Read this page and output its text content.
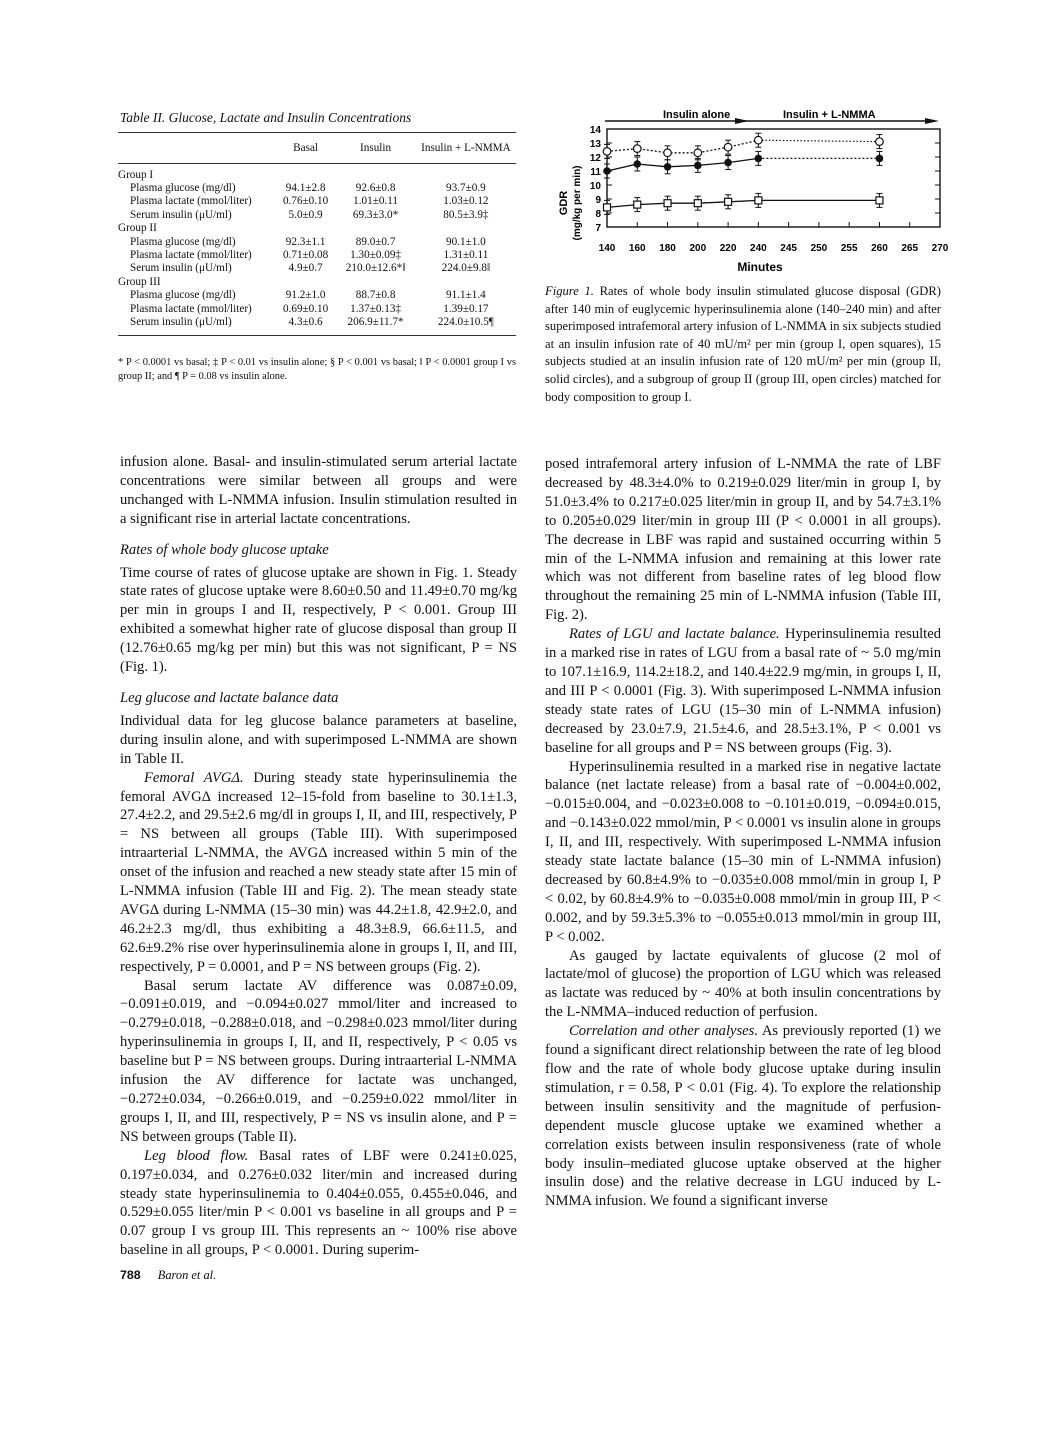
Table II. Glucose, Lactate and Insulin Concentrations
	Basal	Insulin	Insulin + L-NMMA
Group I			
Plasma glucose (mg/dl)	94.1±2.8	92.6±0.8	93.7±0.9
Plasma lactate (mmol/liter)	0.76±0.10	1.01±0.11	1.03±0.12
Serum insulin (μU/ml)	5.0±0.9	69.3±3.0*	80.5±3.9‡
Group II			
Plasma glucose (mg/dl)	92.3±1.1	89.0±0.7	90.1±1.0
Plasma lactate (mmol/liter)	0.71±0.08	1.30±0.09‡	1.31±0.11
Serum insulin (μU/ml)	4.9±0.7	210.0±12.6*‖	224.0±9.8‖
Group III			
Plasma glucose (mg/dl)	91.2±1.0	88.7±0.8	91.1±1.4
Plasma lactate (mmol/liter)	0.69±0.10	1.37±0.13‡	1.39±0.17
Serum insulin (μU/ml)	4.3±0.6	206.9±11.7*	224.0±10.5¶
* P < 0.0001 vs basal; ‡ P < 0.01 vs insulin alone; § P < 0.001 vs basal; ‖ P < 0.0001 group I vs group II; and ¶ P = 0.08 vs insulin alone.
Insulin alone	Insulin + L-NMMA
GDR (mg/kg per min) 7
8
9
10
11
12
13
14
140 160 180 200 220 240 245 250 255 260 265 270
Minutes
Figure 1. Rates of whole body insulin stimulated glucose disposal (GDR) after 140 min of euglycemic hyperinsulinemia alone (140–240 min) and after superimposed intrafemoral artery infusion of L-NMMA in six subjects studied at an insulin infusion rate of 40 mU/m² per min (group I, open squares), 15 subjects studied at an insulin infusion rate of 120 mU/m² per min (group II, solid circles), and a subgroup of group II (group III, open circles) matched for body composition to group I.

infusion alone. Basal- and insulin-stimulated serum arterial lactate concentrations were similar between all groups and were unchanged with L-NMMA infusion. Insulin stimulation resulted in a significant rise in arterial lactate concentrations.

Rates of whole body glucose uptake

Time course of rates of glucose uptake are shown in Fig. 1. Steady state rates of glucose uptake were 8.60±0.50 and 11.49±0.70 mg/kg per min in groups I and II, respectively, P < 0.001. Group III exhibited a somewhat higher rate of glucose disposal than group II (12.76±0.65 mg/kg per min) but this was not significant, P = NS (Fig. 1).

Leg glucose and lactate balance data

Individual data for leg glucose balance parameters at baseline, during insulin alone, and with superimposed L-NMMA are shown in Table II.

Femoral AVGΔ. During steady state hyperinsulinemia the femoral AVGΔ increased 12–15-fold from baseline to 30.1±1.3, 27.4±2.2, and 29.5±2.6 mg/dl in groups I, II, and III, respectively, P = NS between all groups (Table III). With superimposed intraarterial L-NMMA, the AVGΔ increased within 5 min of the onset of the infusion and reached a new steady state after 15 min of L-NMMA infusion (Table III and Fig. 2). The mean steady state AVGΔ during L-NMMA (15–30 min) was 44.2±1.8, 42.9±2.0, and 46.2±2.3 mg/dl, thus exhibiting a 48.3±8.9, 66.6±11.5, and 62.6±9.2% rise over hyperinsulinemia alone in groups I, II, and III, respectively, P = 0.0001, and P = NS between groups (Fig. 2).

Basal serum lactate AV difference was 0.087±0.09, −0.091±0.019, and −0.094±0.027 mmol/liter and increased to −0.279±0.018, −0.288±0.018, and −0.298±0.023 mmol/liter during hyperinsulinemia in groups I, II, and II, respectively, P < 0.05 vs baseline but P = NS between groups. During intraarterial L-NMMA infusion the AV difference for lactate was unchanged, −0.272±0.034, −0.266±0.019, and −0.259±0.022 mmol/liter in groups I, II, and III, respectively, P = NS vs insulin alone, and P = NS between groups (Table II).

Leg blood flow. Basal rates of LBF were 0.241±0.025, 0.197±0.034, and 0.276±0.032 liter/min and increased during steady state hyperinsulinemia to 0.404±0.055, 0.455±0.046, and 0.529±0.055 liter/min P < 0.001 vs baseline in all groups and P = 0.07 group I vs group III. This represents an ~ 100% rise above baseline in all groups, P < 0.0001. During superim-

posed intrafemoral artery infusion of L-NMMA the rate of LBF decreased by 48.3±4.0% to 0.219±0.029 liter/min in group I, by 51.0±3.4% to 0.217±0.025 liter/min in group II, and by 54.7±3.1% to 0.205±0.029 liter/min in group III (P < 0.0001 in all groups). The decrease in LBF was rapid and sustained occurring within 5 min of the L-NMMA infusion and remaining at this lower rate which was not different from baseline rates of leg blood flow throughout the remaining 25 min of L-NMMA infusion (Table III, Fig. 2).

Rates of LGU and lactate balance. Hyperinsulinemia resulted in a marked rise in rates of LGU from a basal rate of ~ 5.0 mg/min to 107.1±16.9, 114.2±18.2, and 140.4±22.9 mg/min, in groups I, II, and III P < 0.0001 (Fig. 3). With superimposed L-NMMA infusion steady state rates of LGU (15–30 min of L-NMMA infusion) decreased by 23.0±7.9, 21.5±4.6, and 28.5±3.1%, P < 0.001 vs baseline for all groups and P = NS between groups (Fig. 3).

Hyperinsulinemia resulted in a marked rise in negative lactate balance (net lactate release) from a basal rate of −0.004±0.002, −0.015±0.004, and −0.023±0.008 to −0.101±0.019, −0.094±0.015, and −0.143±0.022 mmol/min, P < 0.0001 vs insulin alone in groups I, II, and III, respectively. With superimposed L-NMMA infusion steady state lactate balance (15–30 min of L-NMMA infusion) decreased by 60.8±4.9% to −0.035±0.008 mmol/min in group I, P < 0.02, by 60.8±4.9% to −0.035±0.008 mmol/min in group III, P < 0.002, and by 59.3±5.3% to −0.055±0.013 mmol/min in group III, P < 0.002.

As gauged by lactate equivalents of glucose (2 mol of lactate/mol of glucose) the proportion of LGU which was released as lactate was reduced by ~ 40% at both insulin concentrations by the L-NMMA–induced reduction of perfusion.

Correlation and other analyses. As previously reported (1) we found a significant direct relationship between the rate of leg blood flow and the rate of whole body glucose uptake during insulin stimulation, r = 0.58, P < 0.01 (Fig. 4). To explore the relationship between insulin sensitivity and the magnitude of perfusion-dependent muscle glucose uptake we examined whether a correlation exists between insulin responsiveness (rate of whole body insulin–mediated glucose uptake observed at the higher insulin dose) and the relative decrease in LGU induced by L-NMMA infusion. We found a significant inverse

788 Baron et al.
